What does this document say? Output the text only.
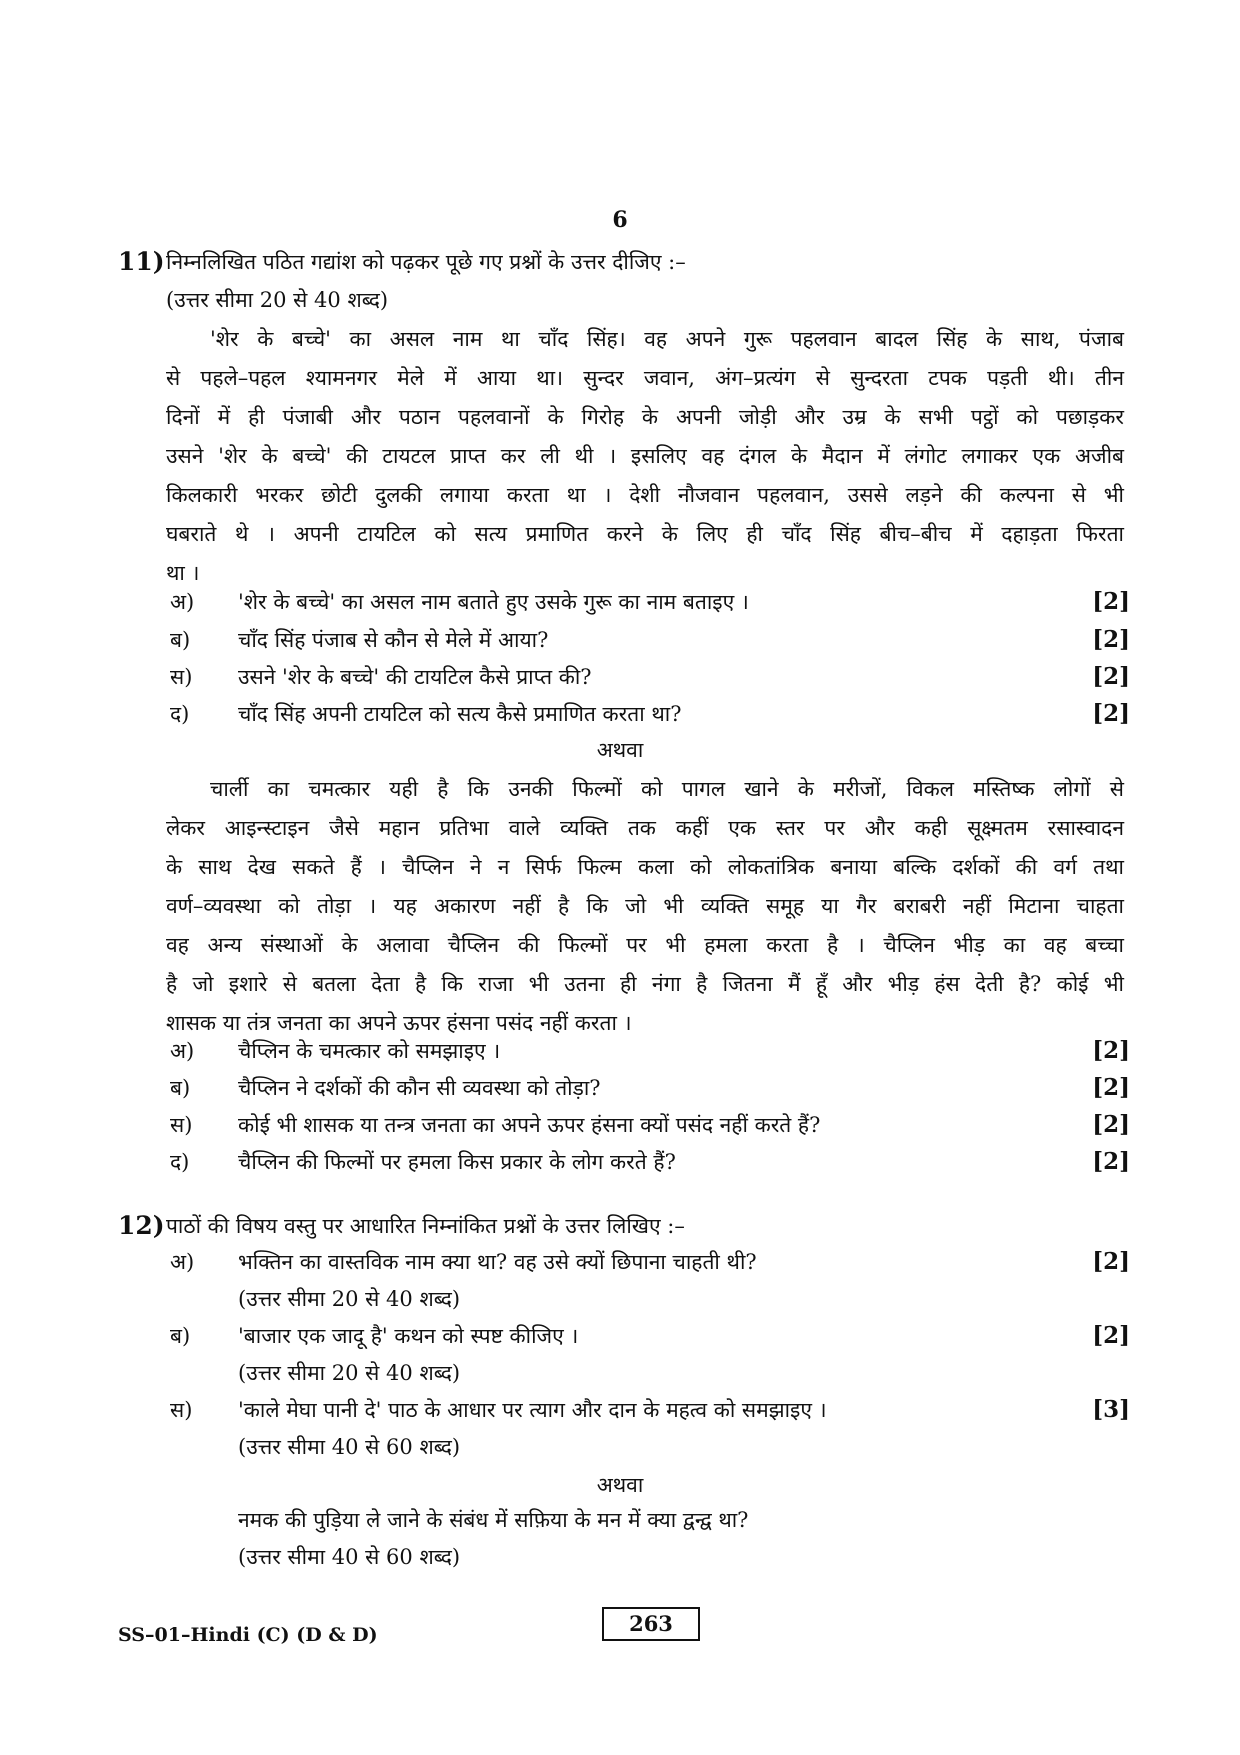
6
11) निम्नलिखित पठित गद्यांश को पढ़कर पूछे गए प्रश्नों के उत्तर दीजिए :–
(उत्तर सीमा 20 से 40 शब्द)
'शेर के बच्चे' का असल नाम था चाँद सिंह। वह अपने गुरू पहलवान बादल सिंह के साथ, पंजाब
से पहले–पहल श्यामनगर मेले में आया था। सुन्दर जवान, अंग–प्रत्यंग से सुन्दरता टपक पड़ती थी। तीन
दिनों में ही पंजाबी और पठान पहलवानों के गिरोह के अपनी जोड़ी और उम्र के सभी पट्ठों को पछाड़कर
उसने 'शेर के बच्चे' की टायटल प्राप्त कर ली थी । इसलिए वह दंगल के मैदान में लंगोट लगाकर एक अजीब
किलकारी भरकर छोटी दुलकी लगाया करता था । देशी नौजवान पहलवान, उससे लड़ने की कल्पना से भी
घबराते थे । अपनी टायटिल को सत्य प्रमाणित करने के लिए ही चाँद सिंह बीच–बीच में दहाड़ता फिरता
था ।
अ)	'शेर के बच्चे' का असल नाम बताते हुए उसके गुरू का नाम बताइए ।	[2]
ब)	चाँद सिंह पंजाब से कौन से मेले में आया?	[2]
स)	उसने 'शेर के बच्चे' की टायटिल कैसे प्राप्त की?	[2]
द)	चाँद सिंह अपनी टायटिल को सत्य कैसे प्रमाणित करता था?	[2]
अथवा
चार्ली का चमत्कार यही है कि उनकी फिल्मों को पागल खाने के मरीजों, विकल मस्तिष्क लोगों से
लेकर आइन्स्टाइन जैसे महान प्रतिभा वाले व्यक्ति तक कहीं एक स्तर पर और कही सूक्ष्मतम रसास्वादन
के साथ देख सकते हैं । चैप्लिन ने न सिर्फ फिल्म कला को लोकतांत्रिक बनाया बल्कि दर्शकों की वर्ग तथा
वर्ण–व्यवस्था को तोड़ा । यह अकारण नहीं है कि जो भी व्यक्ति समूह या गैर बराबरी नहीं मिटाना चाहता
वह अन्य संस्थाओं के अलावा चैप्लिन की फिल्मों पर भी हमला करता है । चैप्लिन भीड़ का वह बच्चा
है जो इशारे से बतला देता है कि राजा भी उतना ही नंगा है जितना मैं हूँ और भीड़ हंस देती है? कोई भी
शासक या तंत्र जनता का अपने ऊपर हंसना पसंद नहीं करता ।
अ)	चैप्लिन के चमत्कार को समझाइए ।	[2]
ब)	चैप्लिन ने दर्शकों की कौन सी व्यवस्था को तोड़ा?	[2]
स)	कोई भी शासक या तन्त्र जनता का अपने ऊपर हंसना क्यों पसंद नहीं करते हैं?	[2]
द)	चैप्लिन की फिल्मों पर हमला किस प्रकार के लोग करते हैं?	[2]
12) पाठों की विषय वस्तु पर आधारित निम्नांकित प्रश्नों के उत्तर लिखिए :–
अ)	भक्तिन का वास्तविक नाम क्या था? वह उसे क्यों छिपाना चाहती थी?	[2]
(उत्तर सीमा 20 से 40 शब्द)
ब)	'बाजार एक जादू है' कथन को स्पष्ट कीजिए ।	[2]
(उत्तर सीमा 20 से 40 शब्द)
स)	'काले मेघा पानी दे' पाठ के आधार पर त्याग और दान के महत्व को समझाइए ।	[3]
(उत्तर सीमा 40 से 60 शब्द)
अथवा
नमक की पुड़िया ले जाने के संबंध में सफ़िया के मन में क्या द्वन्द्व था?
(उत्तर सीमा 40 से 60 शब्द)
SS–01–Hindi (C) (D & D)	263
